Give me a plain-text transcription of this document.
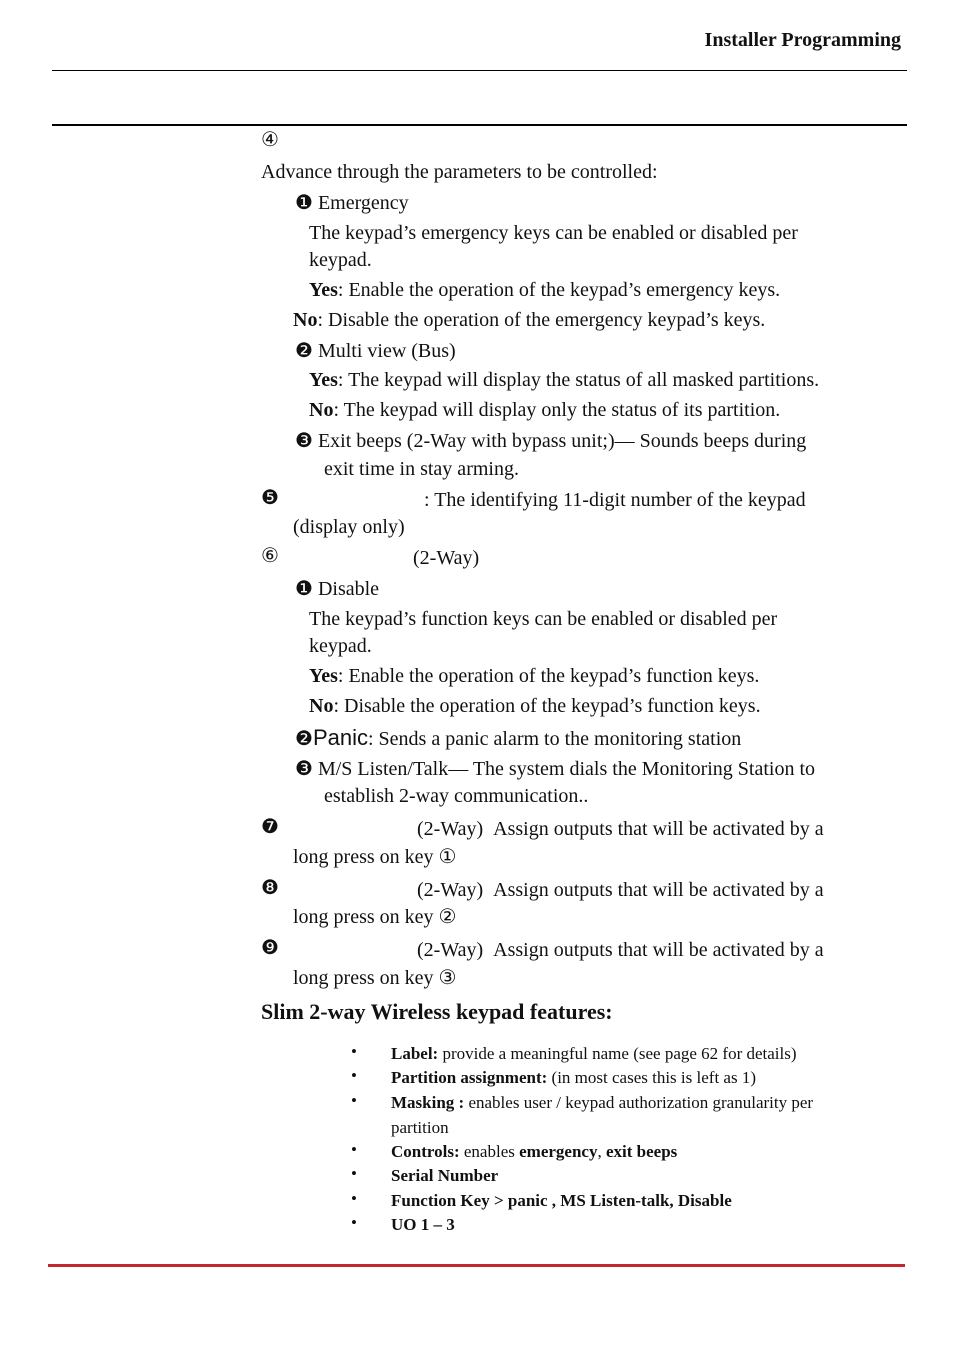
Installer Programming
④
Advance through the parameters to be controlled:
❶ Emergency
The keypad’s emergency keys can be enabled or disabled per
keypad.
Yes: Enable the operation of the keypad’s emergency keys.
No: Disable the operation of the emergency keypad’s keys.
❷ Multi view (Bus)
Yes: The keypad will display the status of all masked partitions.
No: The keypad will display only the status of its partition.
❸ Exit beeps (2-Way with bypass unit;)— Sounds beeps during
exit time in stay arming.
❺	: The identifying 11-digit number of the keypad
(display only)
⑥	(2-Way)
❶ Disable
The keypad’s function keys can be enabled or disabled per
keypad.
Yes: Enable the operation of the keypad’s function keys.
No: Disable the operation of the keypad’s function keys.
❷Panic: Sends a panic alarm to the monitoring station
❸ M/S Listen/Talk— The system dials the Monitoring Station to
establish 2-way communication..
❼	(2-Way) Assign outputs that will be activated by a
long press on key ①
❽	(2-Way) Assign outputs that will be activated by a
long press on key ②
❾	(2-Way) Assign outputs that will be activated by a
long press on key ③
Slim 2-way Wireless keypad features:
• Label: provide a meaningful name (see page 62 for details)
• Partition assignment: (in most cases this is left as 1)
• Masking : enables user / keypad authorization granularity per
partition
• Controls: enables emergency, exit beeps
• Serial Number
• Function Key > panic , MS Listen-talk, Disable
• UO 1 – 3
